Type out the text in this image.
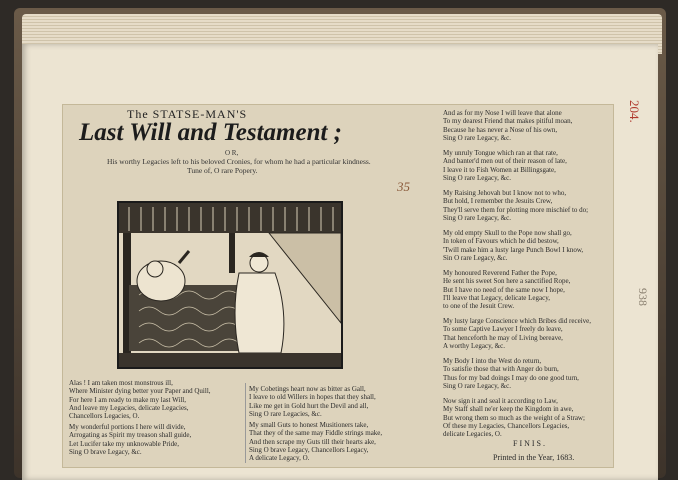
204.
938
The STATSE-MAN'S
Last Will and Testament ;
O R,
His worthy Legacies left to his beloved Cronies, for whom he had a particular kindness.
Tune of, O rare Popery.
35
Alas ! I am taken most monstrous ill,
Where Minister dying better your Paper and Quill,
For here I am ready to make my last Will,
And leave my Legacies, delicate Legacies,
Chancellors Legacies, O.
My wonderful portions I here will divide,
Arrogating as Spirit my treason shall guide,
Let Lucifer take my unknowable Pride,
Sing O brave Legacy, &c.
My Cobetings heart now as bitter as Gall,
I leave to old Willers in hopes that they shall,
Like me get in Gold hurt the Devil and all,
Sing O rare Legacies, &c.
My small Guts to honest Musitioners take,
That they of the same may Fiddle strings make,
And then scrape my Guts till their hearts ake,
Sing O brave Legacy, Chancellors Legacy,
A delicate Legacy, O.
And as for my Nose I will leave that alone
To my dearest Friend that makes pitiful moan,
Because he has never a Nose of his own,
Sing O rare Legacy, &c.
My unruly Tongue which ran at that rate,
And banter'd men out of their reason of late,
I leave it to Fish Women at Billingsgate,
Sing O rare Legacy, &c.
My Raising Jehovah but I know not to who,
But hold, I remember the Jesuits Crew,
They'll serve them for plotting more mischief to do;
Sing O rare Legacy, &c.
My old empty Skull to the Pope now shall go,
In token of Favours which he did bestow,
'Twill make him a lusty large Punch Bowl I know,
Sin O rare Legacy, &c.
My honoured Reverend Father the Pope,
He sent his sweet Son here a sanctified Rope,
But I have no need of the same now I hope,
I'll leave that Legacy, delicate Legacy,
to one of the Jesuit Crew.
My lusty large Conscience which Bribes did receive,
To some Captive Lawyer I freely do leave,
That henceforth he may of Living bereave,
A worthy Legacy, &c.
My Body I into the West do return,
To satisfie those that with Anger do burn,
Thus for my bad doings I may do one good turn,
Sing O rare Legacy, &c.
Now sign it and seal it according to Law,
My Staff shall ne'er keep the Kingdom in awe,
But wrong them so much as the weight of a Straw;
Of these my Legacies, Chancellors Legacies,
delicate Legacies, O.
FINIS.
Printed in the Year, 1683.
